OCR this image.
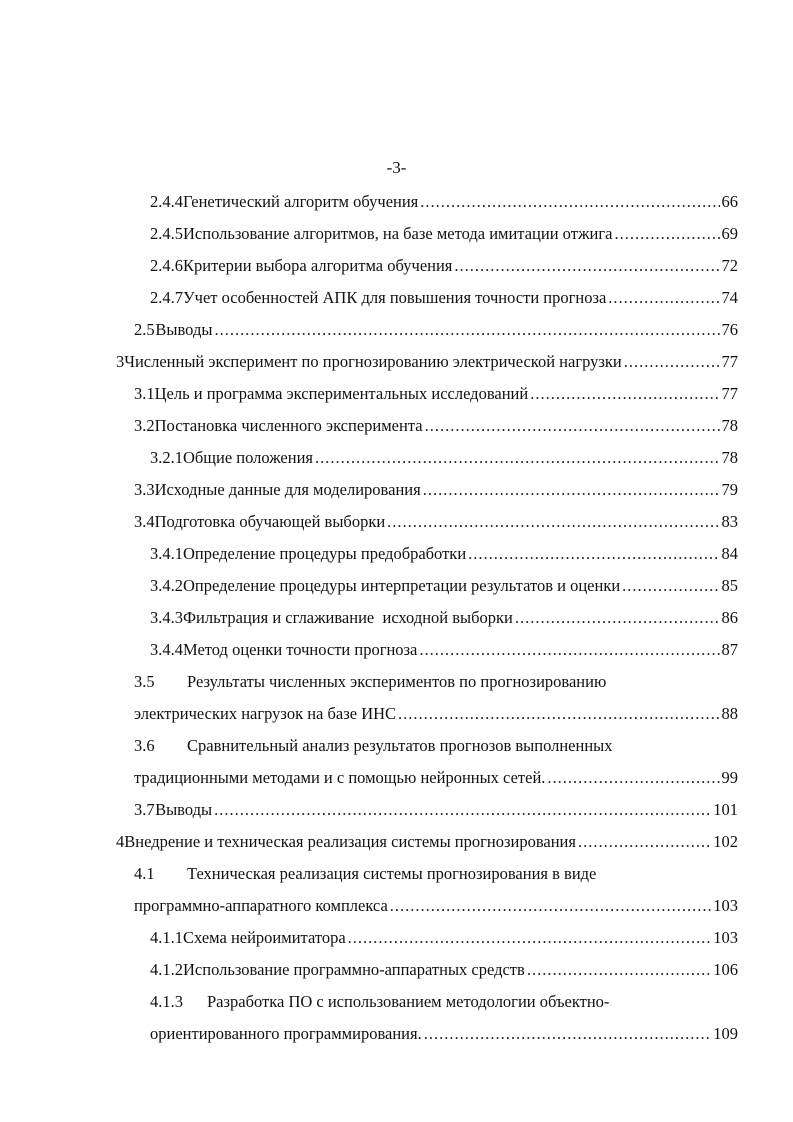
-3-
2.4.4 Генетический алгоритм обучения .....	66
2.4.5 Использование алгоритмов, на базе метода имитации отжига .....	69
2.4.6 Критерии выбора алгоритма обучения .....	72
2.4.7 Учет особенностей АПК для повышения точности прогноза .....	74
2.5 Выводы .....	76
3 Численный эксперимент по прогнозированию электрической нагрузки .....	77
3.1 Цель и программа экспериментальных исследований .....	77
3.2 Постановка численного эксперимента .....	78
3.2.1 Общие положения .....	78
3.3 Исходные данные для моделирования .....	79
3.4 Подготовка обучающей выборки .....	83
3.4.1 Определение процедуры предобработки .....	84
3.4.2 Определение процедуры интерпретации результатов и оценки .....	85
3.4.3 Фильтрация и сглаживание  исходной выборки .....	86
3.4.4 Метод оценки точности прогноза .....	87
3.5	Результаты численных экспериментов по прогнозированию
электрических нагрузок на базе ИНС .....	88
3.6	Сравнительный анализ результатов прогнозов выполненных
традиционными методами и с помощью нейронных сетей. .....	99
3.7 Выводы .....	101
4 Внедрение и техническая реализация системы прогнозирования .....	102
4.1	Техническая реализация системы прогнозирования в виде
программно-аппаратного комплекса .....	103
4.1.1 Схема нейроимитатора .....	103
4.1.2 Использование программно-аппаратных средств .....	106
4.1.3	Разработка ПО с использованием методологии объектно-
ориентированного программирования. .....	109
